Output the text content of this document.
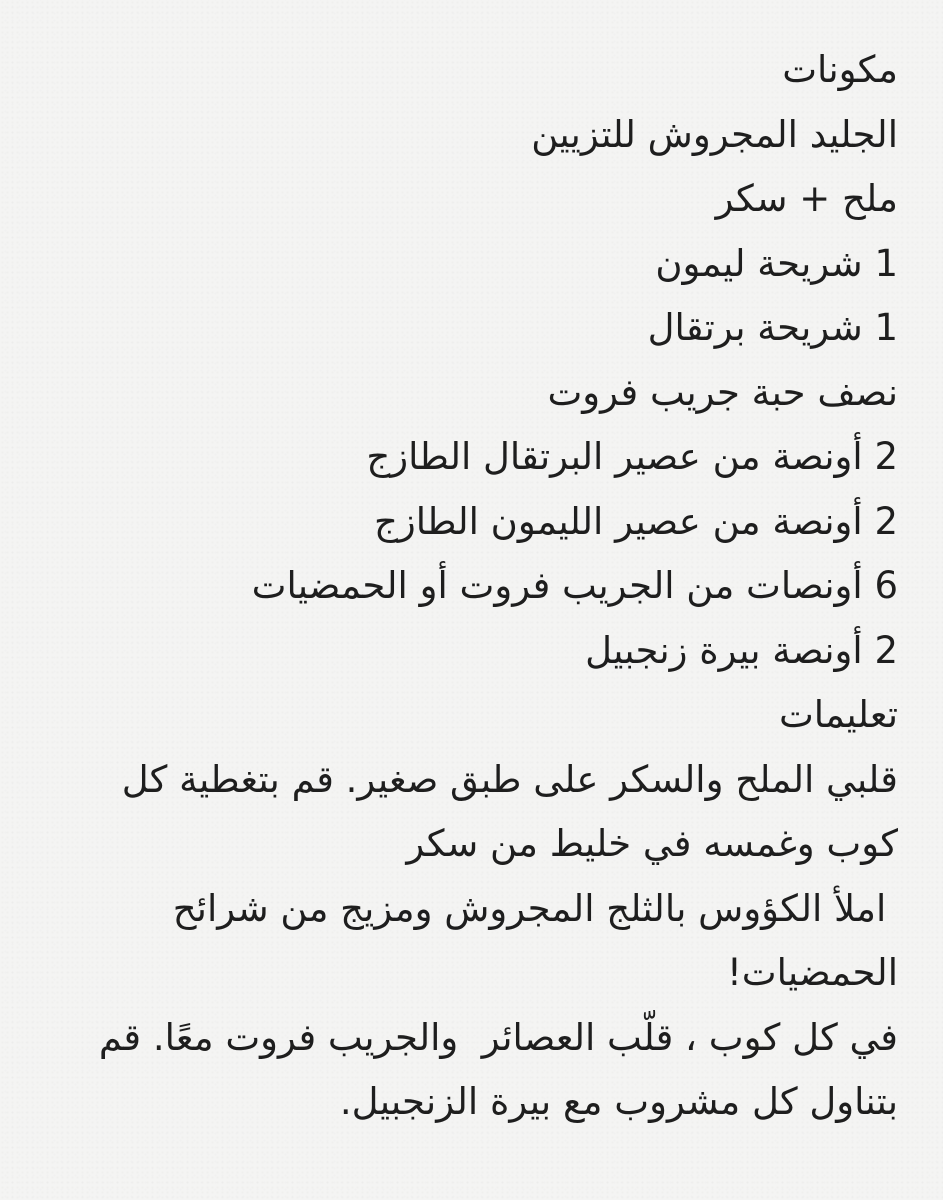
مكونات
الجليد المجروش للتزيين
ملح + سكر
1 شريحة ليمون
1 شريحة برتقال
نصف حبة جريب فروت
2 أونصة من عصير البرتقال الطازج
2 أونصة من عصير الليمون الطازج
6 أونصات من الجريب فروت أو الحمضيات
2 أونصة بيرة زنجبيل
تعليمات
قلبي الملح والسكر على طبق صغير. قم بتغطية كل
كوب وغمسه في خليط من سكر
املأ الكؤوس بالثلج المجروش ومزيج من شرائح
الحمضيات!
في كل كوب ، قلّب العصائر  والجريب فروت معًا. قم
بتناول كل مشروب مع بيرة الزنجبيل.
